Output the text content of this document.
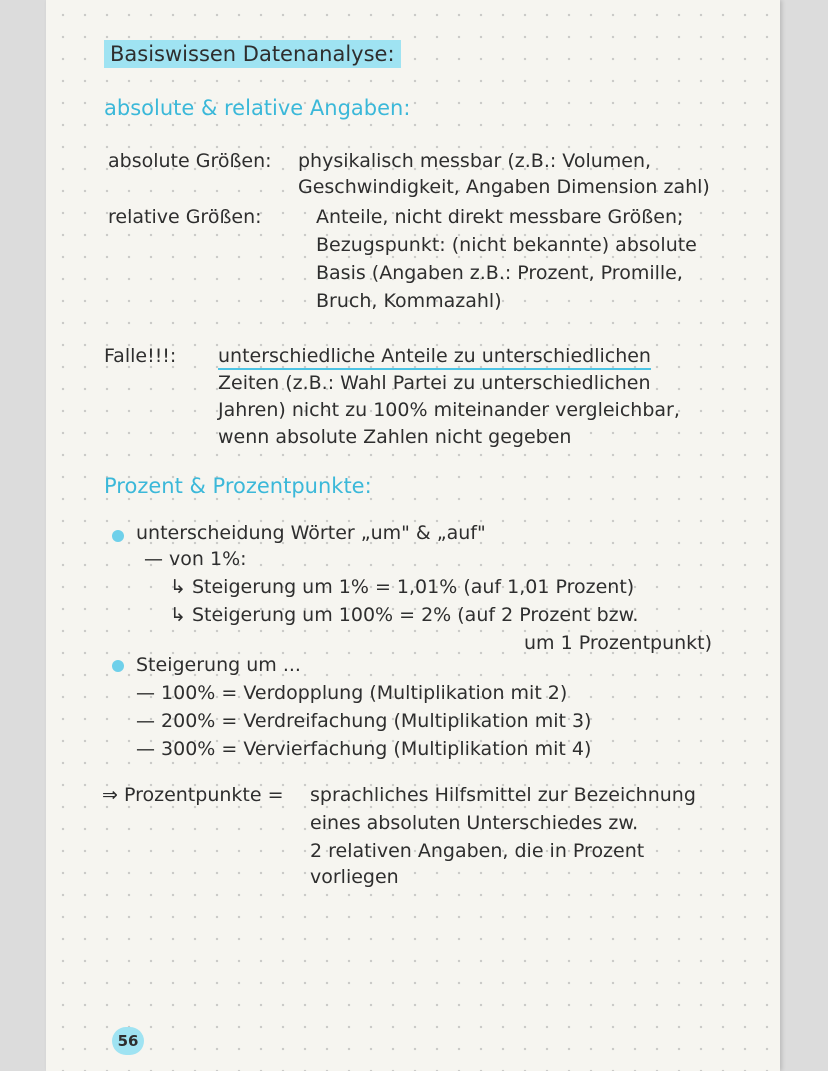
Basiswissen Datenanalyse:
absolute & relative Angaben:
absolute Größen: physikalisch messbar (z.B.: Volumen,
Geschwindigkeit, Angaben Dimension zahl)
relative Größen:	Anteile, nicht direkt messbare Größen;
Bezugspunkt: (nicht bekannte) absolute
Basis (Angaben z.B.: Prozent, Promille,
Bruch, Kommazahl)
Falle!!!: unterschiedliche Anteile zu unterschiedlichen
Zeiten (z.B.: Wahl Partei zu unterschiedlichen
Jahren) nicht zu 100% miteinander vergleichbar,
wenn absolute Zahlen nicht gegeben
Prozent & Prozentpunkte:
unterscheidung Wörter „um" & „auf"
— von 1%:
↳ Steigerung um 1% = 1,01% (auf 1,01 Prozent)
↳ Steigerung um 100% = 2% (auf 2 Prozent bzw.
um 1 Prozentpunkt)
Steigerung um ...
— 100% = Verdopplung (Multiplikation mit 2)
— 200% = Verdreifachung (Multiplikation mit 3)
— 300% = Vervierfachung (Multiplikation mit 4)
⇒ Prozentpunkte = sprachliches Hilfsmittel zur Bezeichnung
eines absoluten Unterschiedes zw.
2 relativen Angaben, die in Prozent
vorliegen
56
